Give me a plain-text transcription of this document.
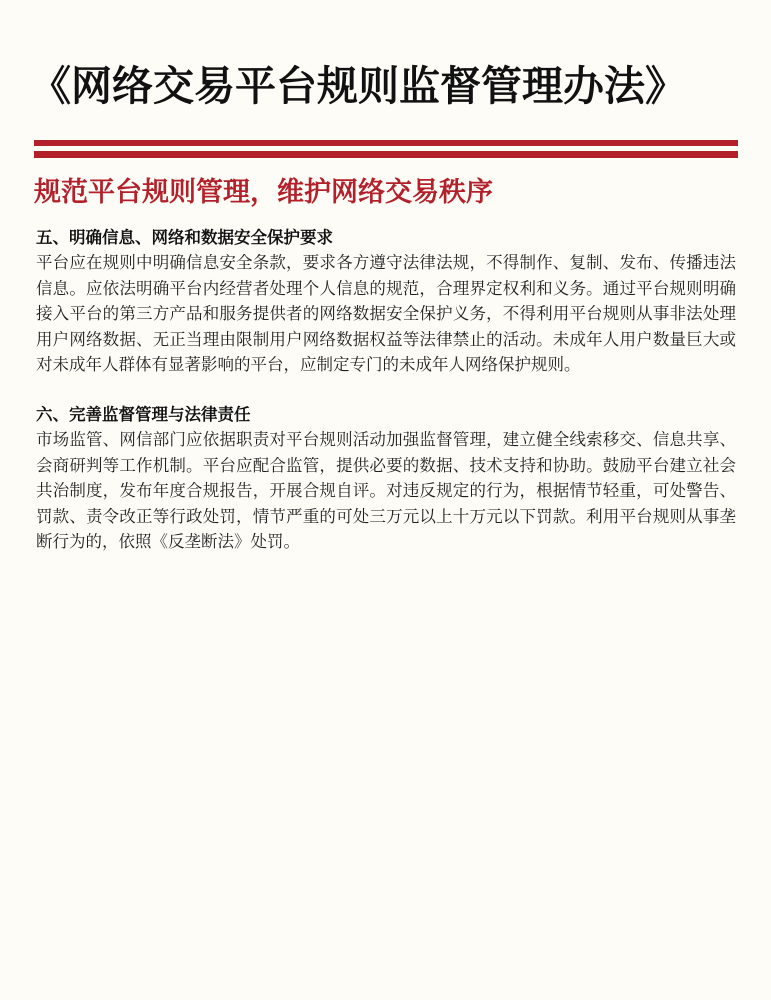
《网络交易平台规则监督管理办法》
规范平台规则管理，维护网络交易秩序
五、明确信息、网络和数据安全保护要求

平台应在规则中明确信息安全条款，要求各方遵守法律法规，不得制作、复制、发布、传播违法信息。应依法明确平台内经营者处理个人信息的规范，合理界定权利和义务。通过平台规则明确接入平台的第三方产品和服务提供者的网络数据安全保护义务，不得利用平台规则从事非法处理用户网络数据、无正当理由限制用户网络数据权益等法律禁止的活动。未成年人用户数量巨大或对未成年人群体有显著影响的平台，应制定专门的未成年人网络保护规则。

六、完善监督管理与法律责任

市场监管、网信部门应依据职责对平台规则活动加强监督管理，建立健全线索移交、信息共享、会商研判等工作机制。平台应配合监管，提供必要的数据、技术支持和协助。鼓励平台建立社会共治制度，发布年度合规报告，开展合规自评。对违反规定的行为，根据情节轻重，可处警告、罚款、责令改正等行政处罚，情节严重的可处三万元以上十万元以下罚款。利用平台规则从事垄断行为的，依照《反垄断法》处罚。
